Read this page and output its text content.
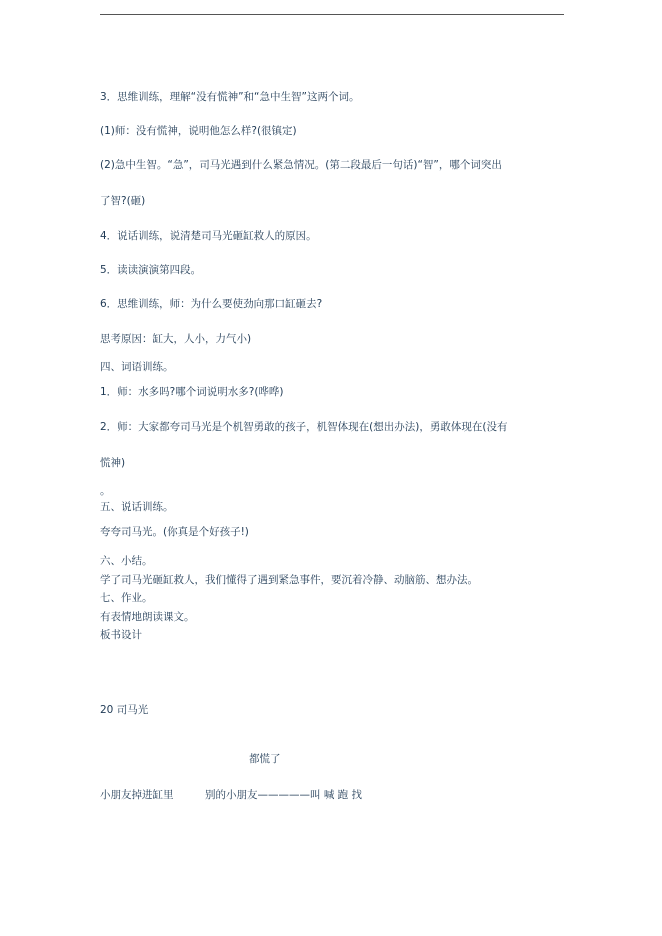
3．思维训练，理解“没有慌神”和“急中生智”这两个词。
(1)师：没有慌神，说明他怎么样?(很镇定)
(2)急中生智。“急”，司马光遇到什么紧急情况。(第二段最后一句话)“智”，哪个词突出
了智?(砸)
4．说话训练，说清楚司马光砸缸救人的原因。
5．读读演演第四段。
6．思维训练，师：为什么要使劲向那口缸砸去?
思考原因：缸大，人小，力气小)
四、词语训练。
1．师：水多吗?哪个词说明水多?(哗哗)
2．师：大家都夸司马光是个机智勇敢的孩子，机智体现在(想出办法)，勇敢体现在(没有
慌神)
。
五、说话训练。
夸夸司马光。(你真是个好孩子!)
六、小结。
学了司马光砸缸救人，我们懂得了遇到紧急事件，要沉着冷静、动脑筋、想办法。
七、作业。
有表情地朗读课文。
板书设计
20 司马光
都慌了
小朋友掉进缸里	别的小朋友—————叫 喊 跑 找
